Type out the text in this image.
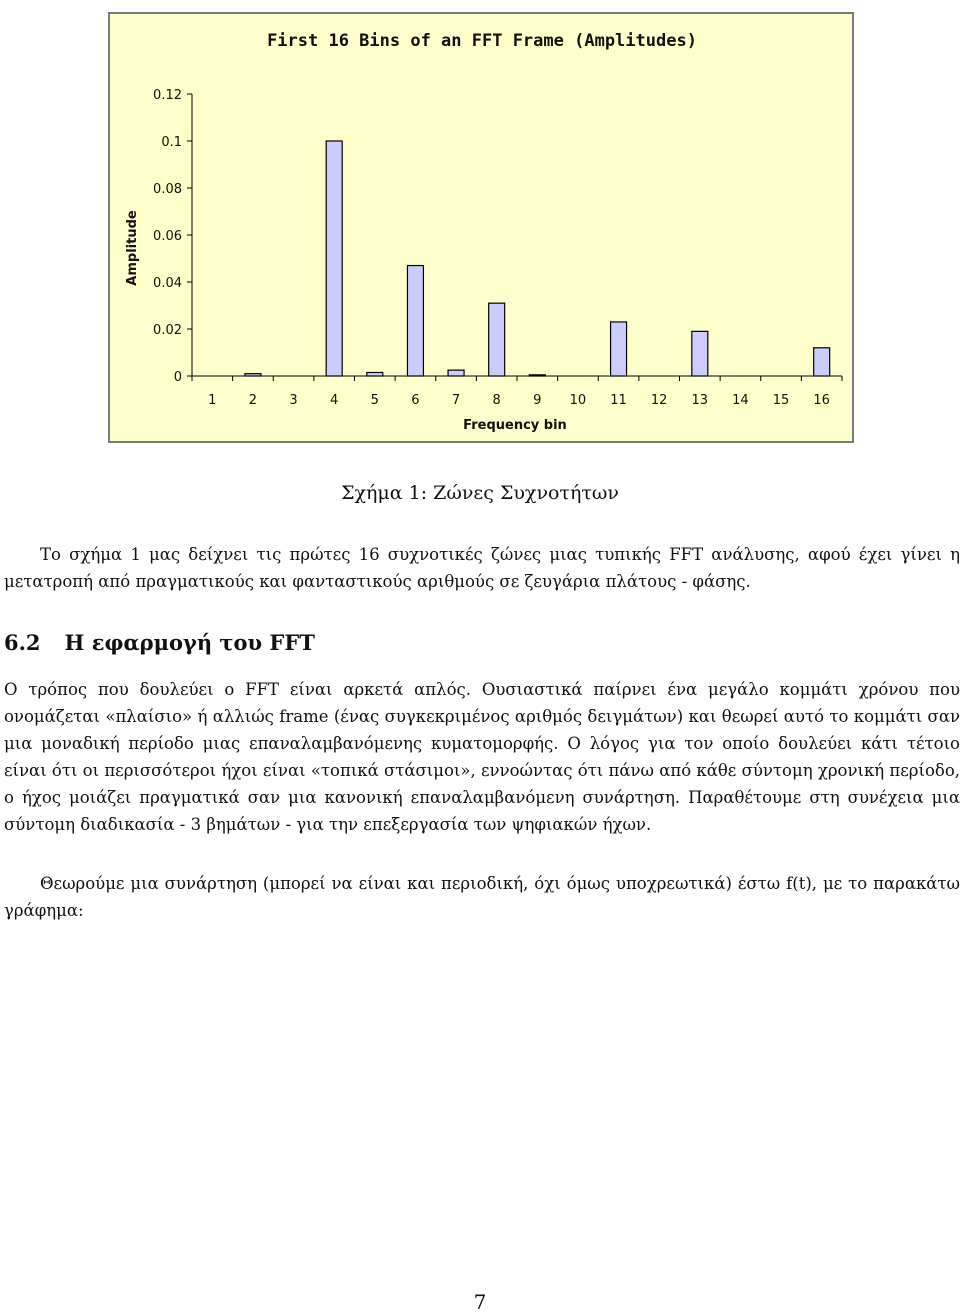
First 16 Bins of an FFT Frame (Amplitudes)
Amplitude
Frequency bin
0
0.02
0.04
0.06
0.08
0.1
0.12
1 2 3 4 5 6 7 8 9 10 11 12 13 14 15 16
Σχήμα 1: Ζώνες Συχνοτήτων

Το σχήμα 1 μας δείχνει τις πρώτες 16 συχνοτικές ζώνες μιας τυπικής FFT ανάλυσης, αφού έχει γίνει η μετατροπή από πραγματικούς και φανταστικούς αριθμούς σε ζευγάρια πλάτους - φάσης.

6.2 Η εφαρμογή του FFT

Ο τρόπος που δουλεύει ο FFT είναι αρκετά απλός. Ουσιαστικά παίρνει ένα μεγάλο κομμάτι χρόνου που ονομάζεται «πλαίσιο» ή αλλιώς frame (ένας συγκεκριμένος αριθμός δειγμάτων) και θεωρεί αυτό το κομμάτι σαν μια μοναδική περίοδο μιας επαναλαμβανόμενης κυματομορφής. Ο λόγος για τον οποίο δουλεύει κάτι τέτοιο είναι ότι οι περισσότεροι ήχοι είναι «τοπικά στάσιμοι», εννοώντας ότι πάνω από κάθε σύντομη χρονική περίοδο, ο ήχος μοιάζει πραγματικά σαν μια κανονική επαναλαμβανόμενη συνάρτηση. Παραθέτουμε στη συνέχεια μια σύντομη διαδικασία - 3 βημάτων - για την επεξεργασία των ψηφιακών ήχων.

Θεωρούμε μια συνάρτηση (μπορεί να είναι και περιοδική, όχι όμως υποχρεωτικά) έστω f(t), με το παρακάτω γράφημα:

7
